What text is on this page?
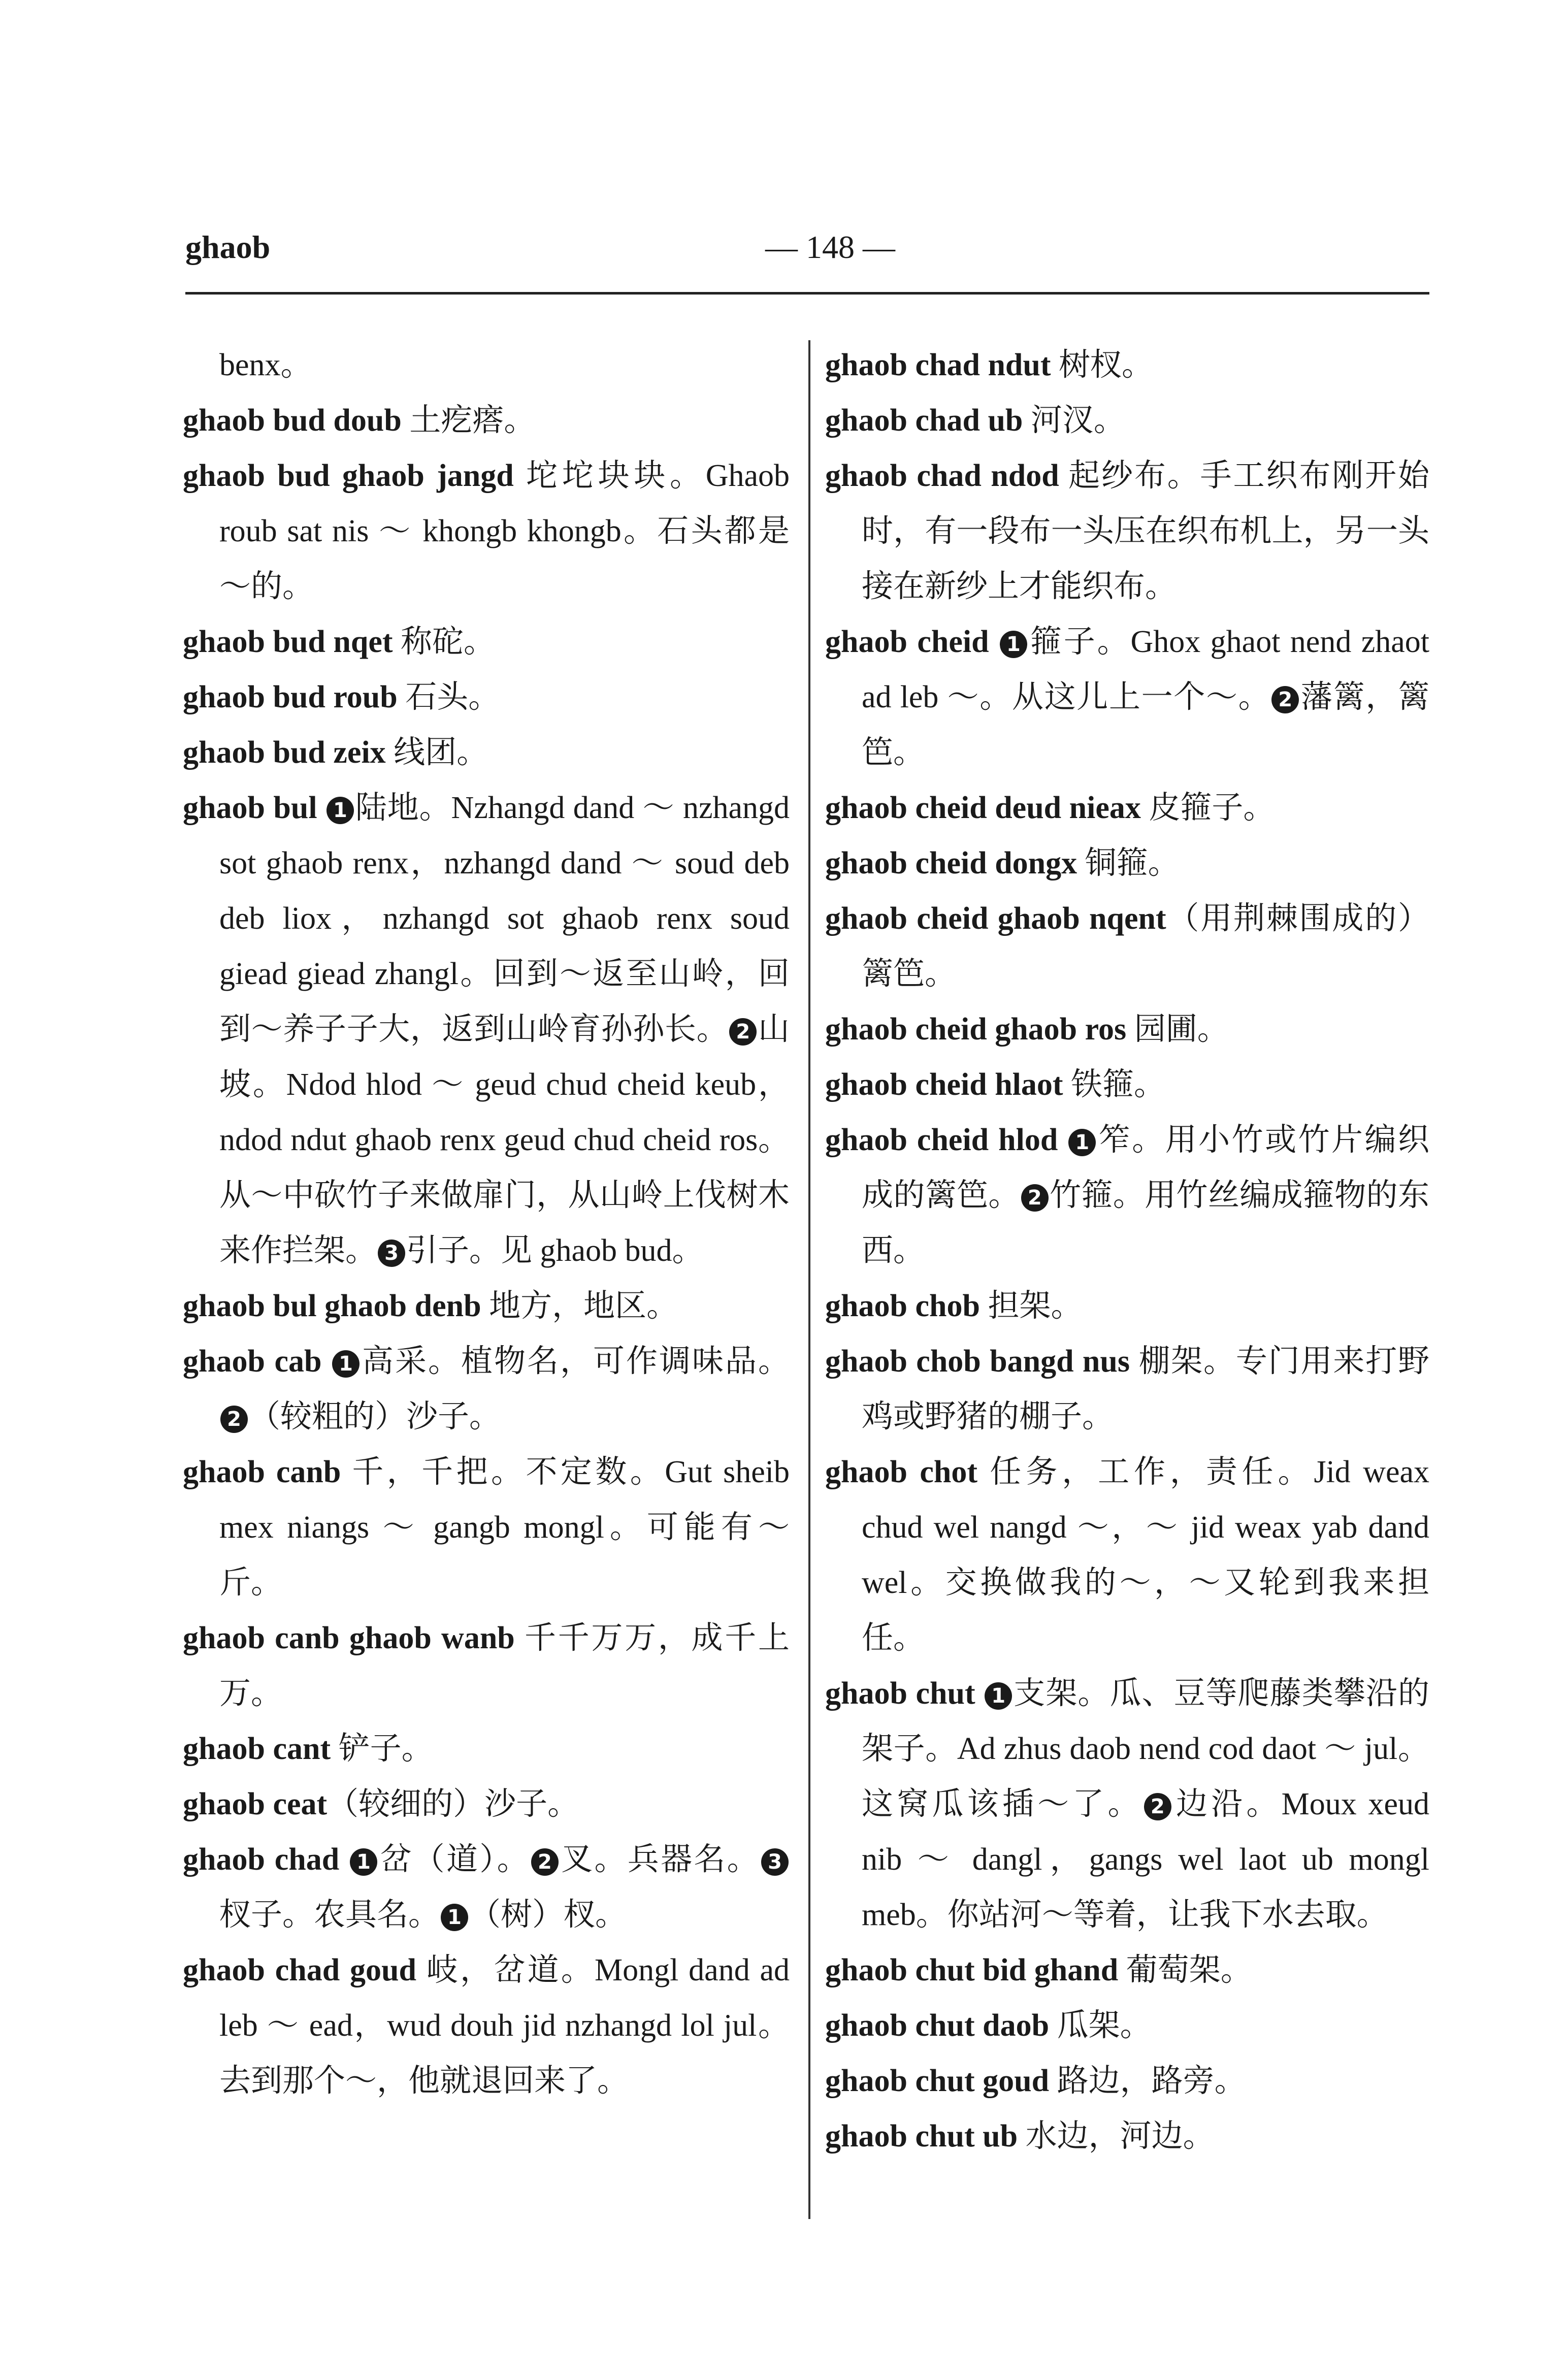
ghaob	— 148 —

benx。

ghaob bud doub 土疙瘩。

ghaob bud ghaob jangd 坨坨块块。Ghaob roub sat nis ～ khongb khongb。石头都是～的。

ghaob bud nqet 称砣。

ghaob bud roub 石头。

ghaob bud zeix 线团。

ghaob bul 1 陆地。Nzhangd dand ～ nzhangd sot ghaob renx，nzhangd dand ～ soud deb deb liox，nzhangd sot ghaob renx soud giead giead zhangl。回到～返至山岭，回到～养子子大，返到山岭育孙孙长。 2 山坡。Ndod hlod ～ geud chud cheid keub，ndod ndut ghaob renx geud chud cheid ros。从～中砍竹子来做扉门，从山岭上伐树木来作拦架。 3 引子。见 ghaob bud。

ghaob bul ghaob denb 地方，地区。

ghaob cab 1 高采。植物名，可作调味品。2 （较粗的）沙子。

ghaob canb 千，千把。不定数。Gut sheib mex niangs ～ gangb mongl。可能有～斤。

ghaob canb ghaob wanb 千千万万，成千上万。

ghaob cant 铲子。

ghaob ceat（较细的）沙子。

ghaob chad 1 岔（道）。 2 叉。兵器名。 3杈子。农具名。 1 （树）杈。

ghaob chad goud 岐，岔道。Mongl dand ad leb ～ ead，wud douh jid nzhangd lol jul。去到那个～，他就退回来了。

ghaob chad ndut 树杈。

ghaob chad ub 河汊。

ghaob chad ndod 起纱布。手工织布刚开始时，有一段布一头压在织布机上，另一头接在新纱上才能织布。

ghaob cheid 1 箍子。Ghox ghaot nend zhaot ad leb ～。从这儿上一个～。 2 藩篱，篱笆。

ghaob cheid deud nieax 皮箍子。

ghaob cheid dongx 铜箍。

ghaob cheid ghaob nqent（用荆棘围成的）篱笆。

ghaob cheid ghaob ros 园圃。

ghaob cheid hlaot 铁箍。

ghaob cheid hlod 1 笮。用小竹或竹片编织成的篱笆。 2 竹箍。用竹丝编成箍物的东西。

ghaob chob 担架。

ghaob chob bangd nus 棚架。专门用来打野鸡或野猪的棚子。

ghaob chot 任务，工作，责任。Jid weax chud wel nangd ～，～ jid weax yab dand wel。交换做我的～，～又轮到我来担任。

ghaob chut 1 支架。瓜、豆等爬藤类攀沿的架子。Ad zhus daob nend cod daot ～ jul。这窝瓜该插～了。 2 边沿。Moux xeud nib ～ dangl，gangs wel laot ub mongl meb。你站河～等着，让我下水去取。

ghaob chut bid ghand 葡萄架。

ghaob chut daob 瓜架。

ghaob chut goud 路边，路旁。

ghaob chut ub 水边，河边。
